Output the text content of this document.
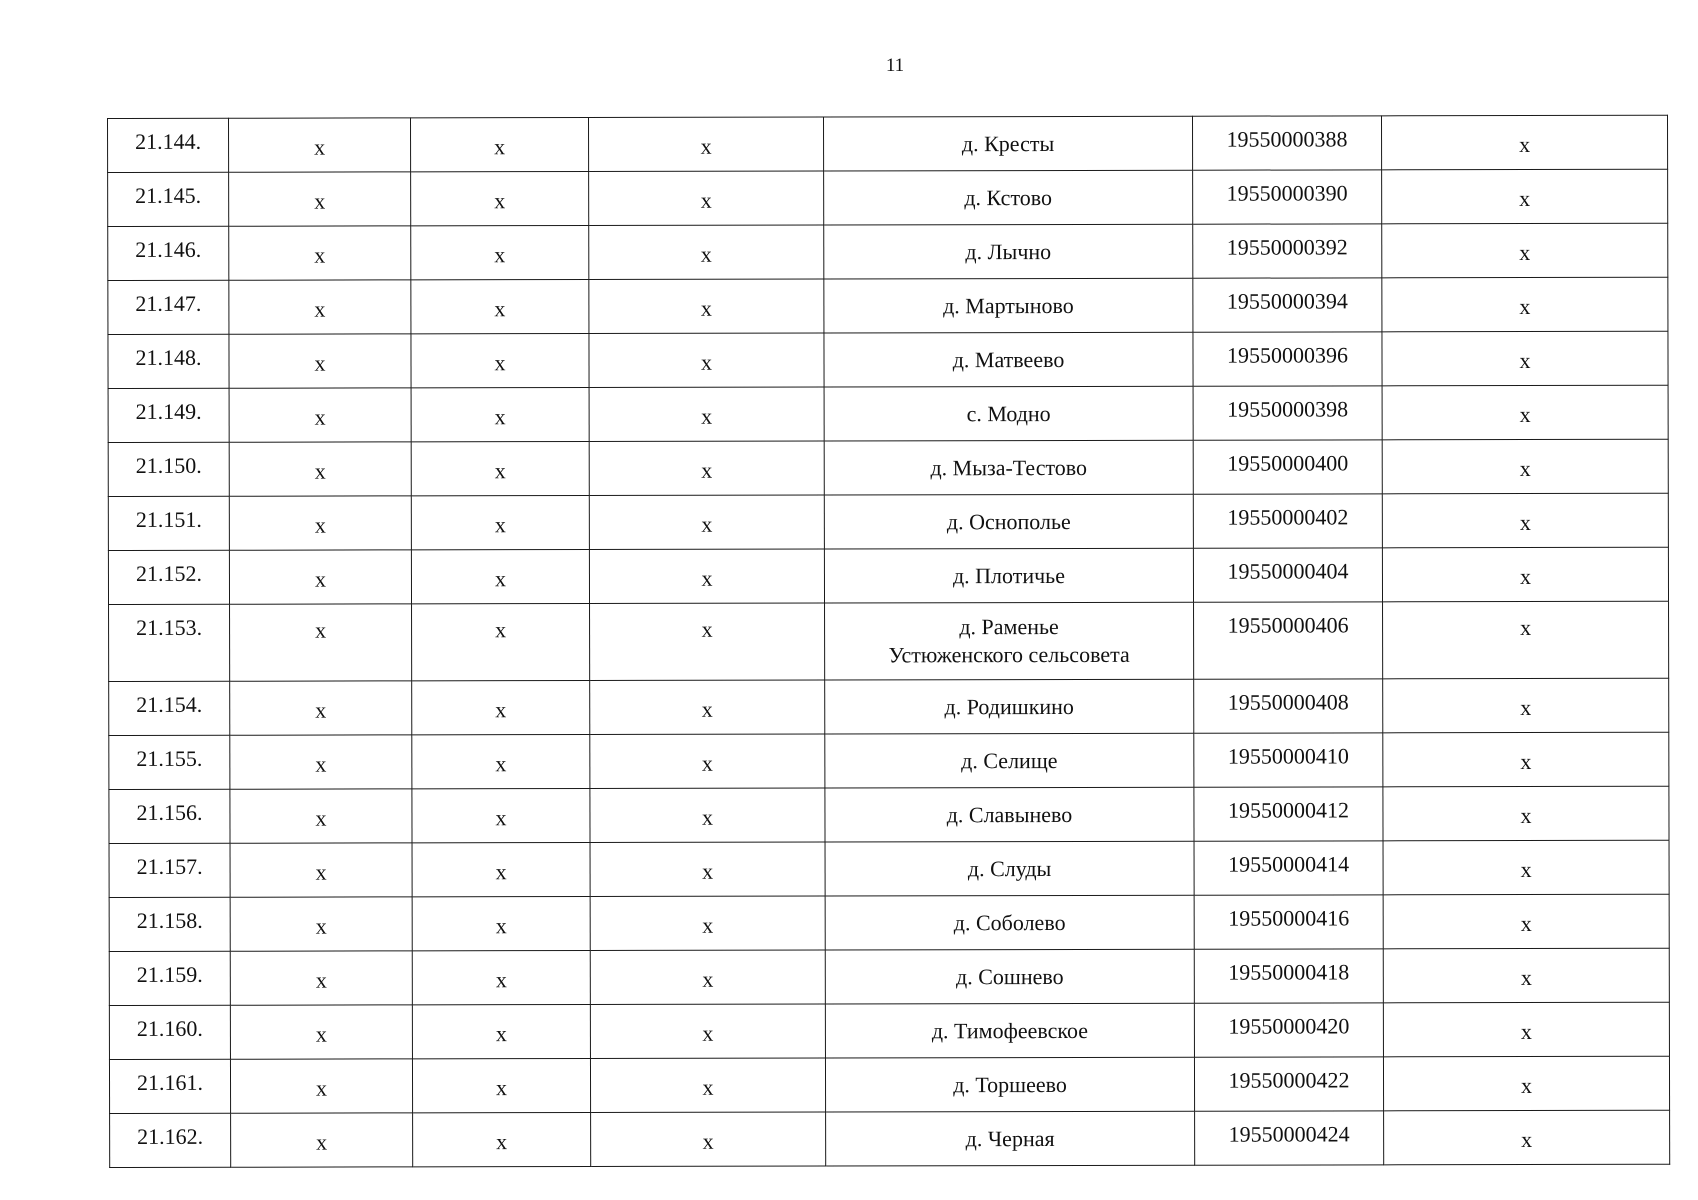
11
21.144.	x	x	x	д. Кресты	19550000388	x
21.145.	x	x	x	д. Кстово	19550000390	x
21.146.	x	x	x	д. Лычно	19550000392	x
21.147.	x	x	x	д. Мартыново	19550000394	x
21.148.	x	x	x	д. Матвеево	19550000396	x
21.149.	x	x	x	с. Модно	19550000398	x
21.150.	x	x	x	д. Мыза-Тестово	19550000400	x
21.151.	x	x	x	д. Оснополье	19550000402	x
21.152.	x	x	x	д. Плотичье	19550000404	x
21.153.	x	x	x	д. Раменье
Устюженского сельсовета	19550000406	x
21.154.	x	x	x	д. Родишкино	19550000408	x
21.155.	x	x	x	д. Селище	19550000410	x
21.156.	x	x	x	д. Славынево	19550000412	x
21.157.	x	x	x	д. Слуды	19550000414	x
21.158.	x	x	x	д. Соболево	19550000416	x
21.159.	x	x	x	д. Сошнево	19550000418	x
21.160.	x	x	x	д. Тимофеевское	19550000420	x
21.161.	x	x	x	д. Торшеево	19550000422	x
21.162.	x	x	x	д. Черная	19550000424	x
